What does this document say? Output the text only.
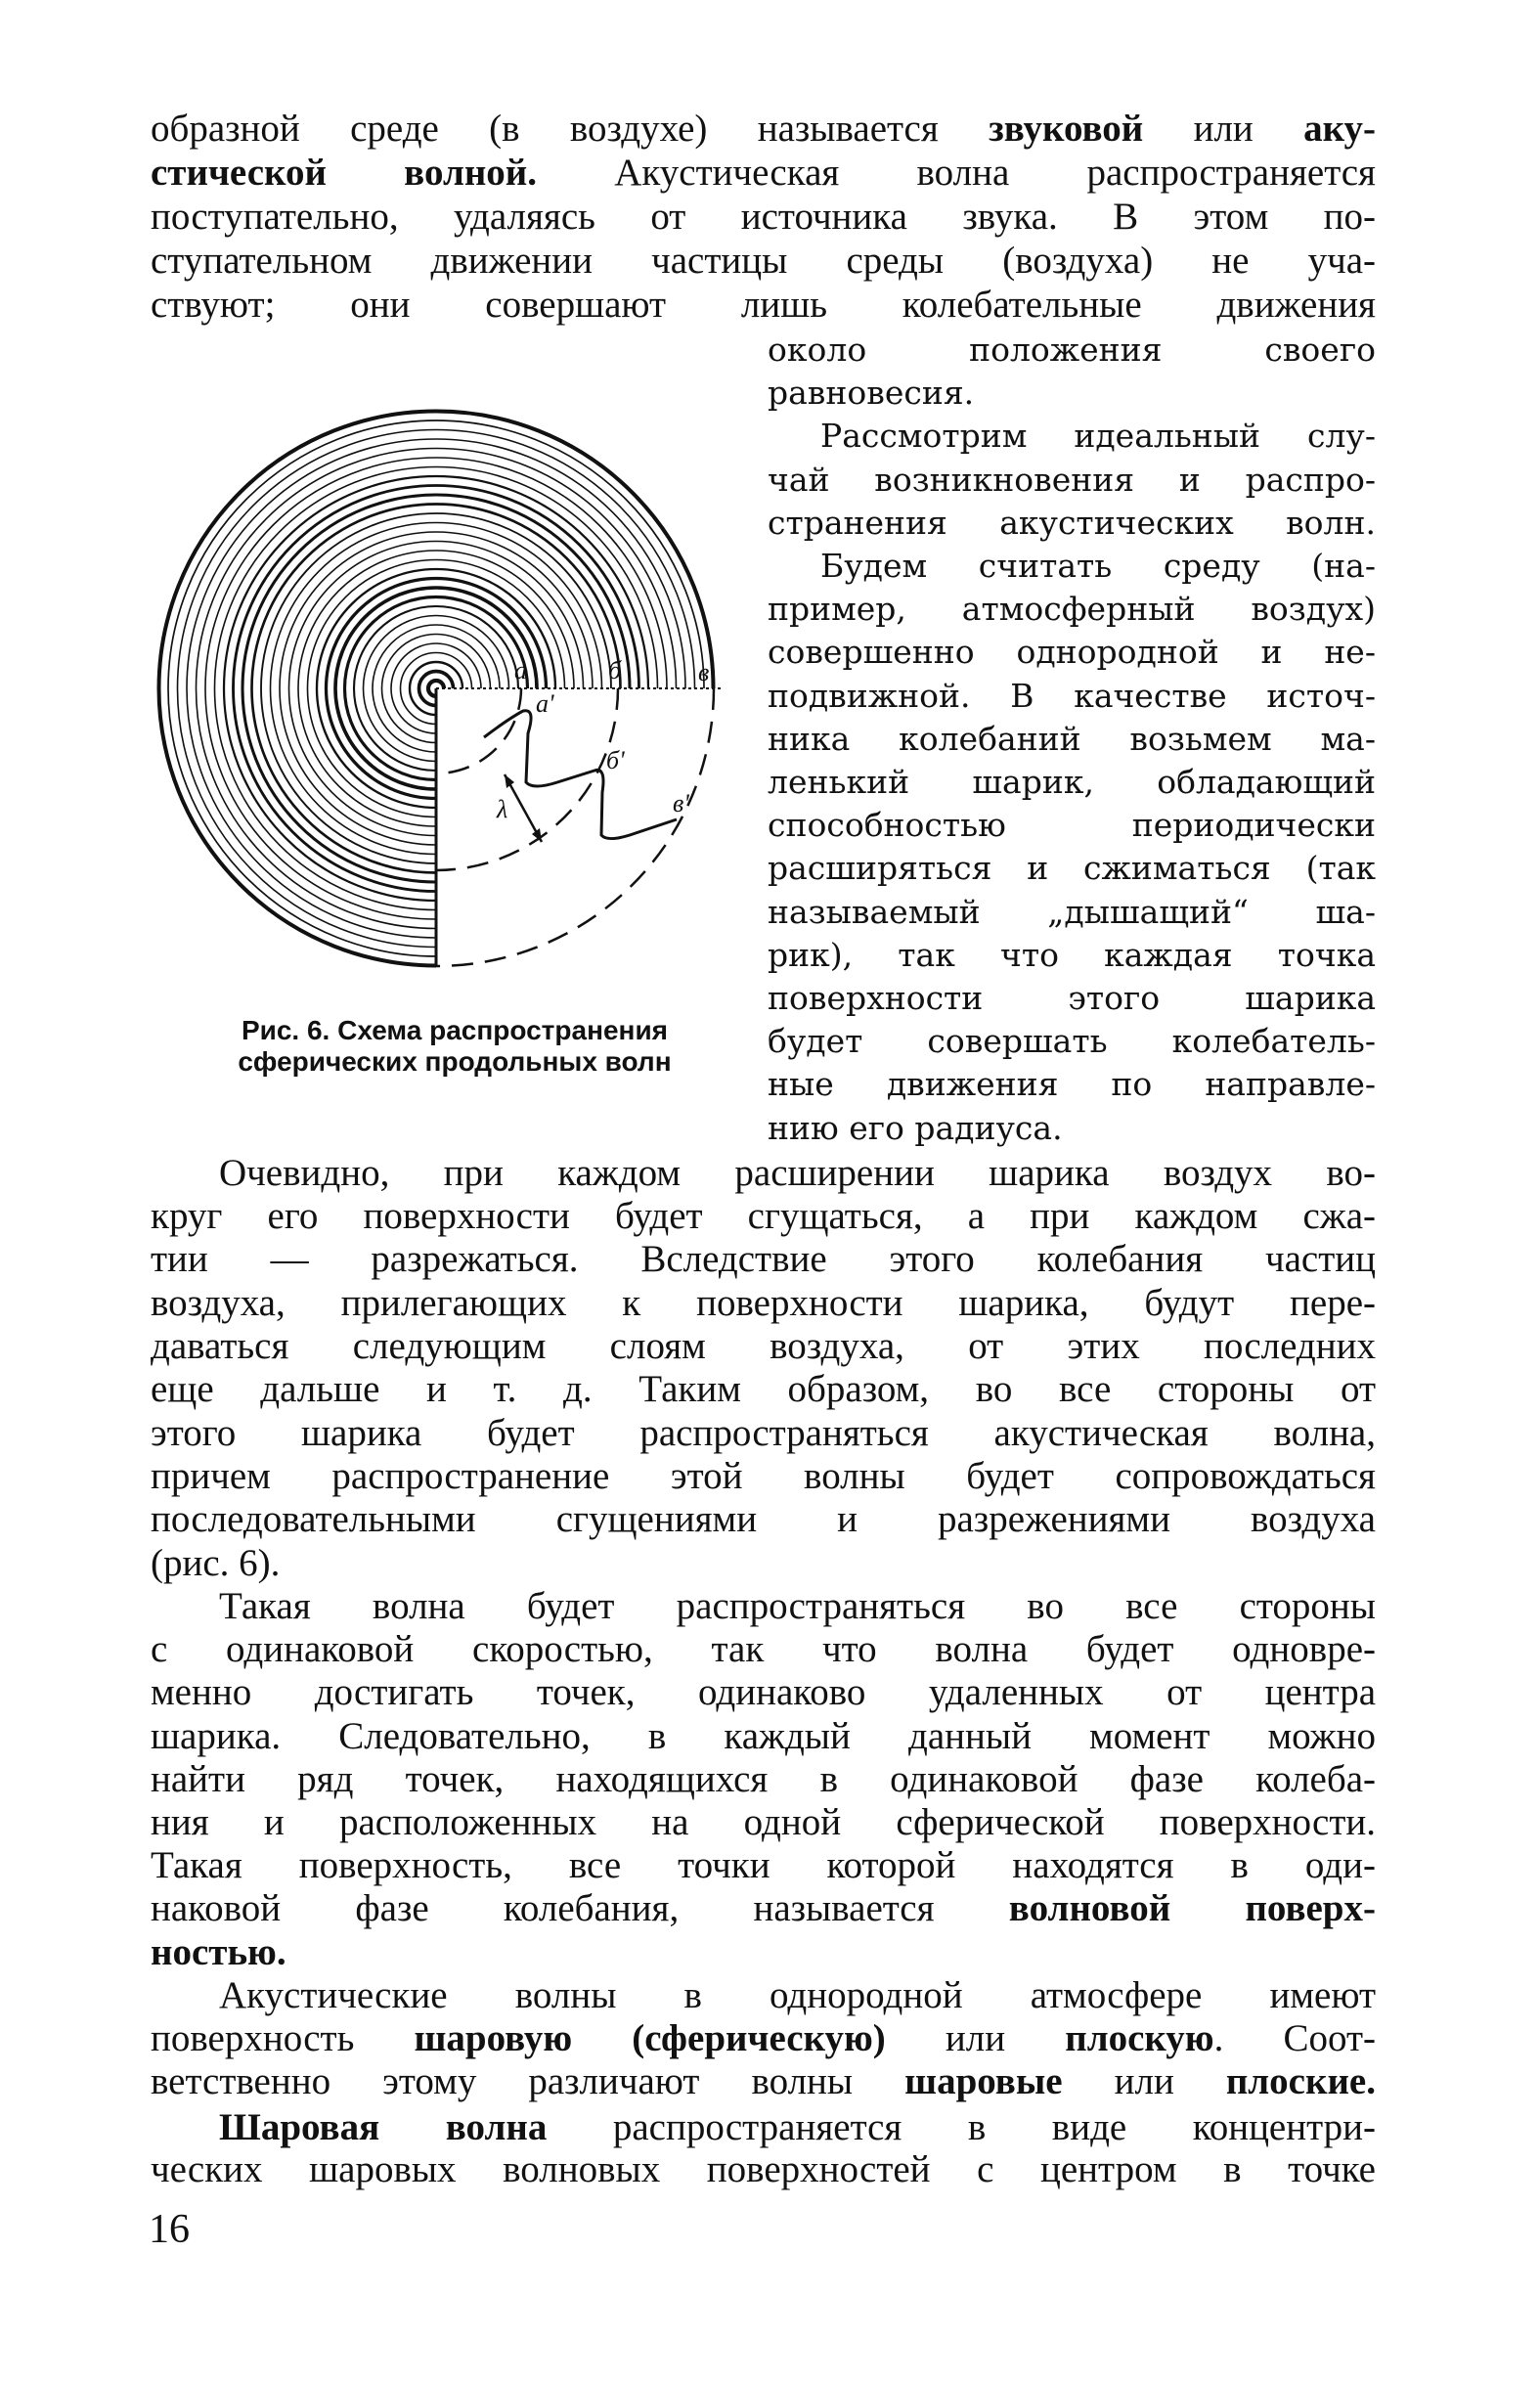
а	б	в
а'
б'
в'
λ
образной среде (в воздухе) называется звуковой или аку-
стической волной. Акустическая волна распространяется
поступательно, удаляясь от источника звука. В этом по-
ступательном движении частицы среды (воздуха) не уча-
ствуют; они совершают лишь колебательные движения
около положения своего
равновесия.
Рассмотрим идеальный слу-
чай возникновения и распро-
странения акустических волн.
Будем считать среду (на-
пример, атмосферный воздух)
совершенно однородной и не-
подвижной. В качестве источ-
ника колебаний возьмем ма-
ленький шарик, обладающий
способностью периодически
расширяться и сжиматься (так
называемый „дышащий“ ша-
рик), так что каждая точка
поверхности этого шарика
будет совершать колебатель-
ные движения по направле-
нию его радиуса.
Рис. 6. Схема распространения
сферических продольных волн
Очевидно, при каждом расширении шарика воздух во-
круг его поверхности будет сгущаться, а при каждом сжа-
тии — разрежаться. Вследствие этого колебания частиц
воздуха, прилегающих к поверхности шарика, будут пере-
даваться следующим слоям воздуха, от этих последних
еще дальше и т. д. Таким образом, во все стороны от
этого шарика будет распространяться акустическая волна,
причем распространение этой волны будет сопровождаться
последовательными сгущениями и разрежениями воздуха
(рис. 6).
Такая волна будет распространяться во все стороны
с одинаковой скоростью, так что волна будет одновре-
менно достигать точек, одинаково удаленных от центра
шарика. Следовательно, в каждый данный момент можно
найти ряд точек, находящихся в одинаковой фазе колеба-
ния и расположенных на одной сферической поверхности.
Такая поверхность, все точки которой находятся в оди-
наковой фазе колебания, называется волновой поверх-
ностью.
Акустические волны в однородной атмосфере имеют
поверхность шаровую (сферическую) или плоскую. Соот-
ветственно этому различают волны шаровые или плоские.
Шаровая волна распространяется в виде концентри-
ческих шаровых волновых поверхностей с центром в точке
16
